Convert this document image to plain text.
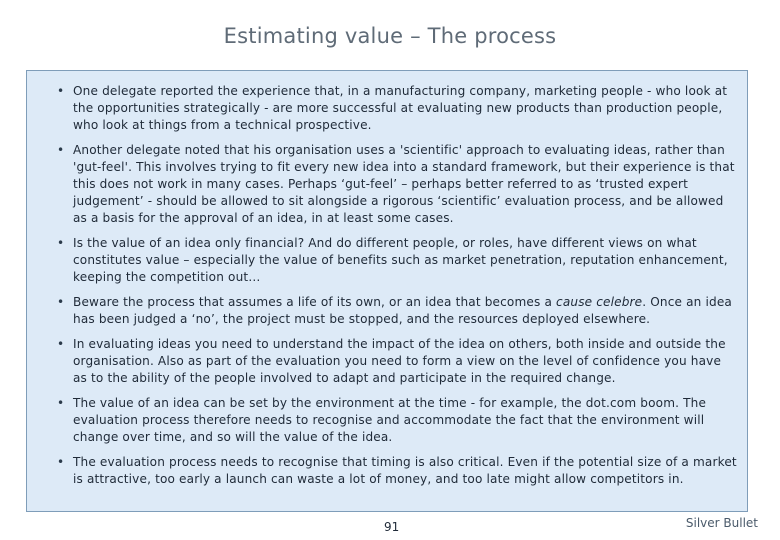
Estimating value – The process
• One delegate reported the experience that, in a manufacturing company, marketing people - who look at the opportunities strategically - are more successful at evaluating new products than production people, who look at things from a technical prospective.
• Another delegate noted that his organisation uses a 'scientific' approach to evaluating ideas, rather than 'gut-feel'. This involves trying to fit every new idea into a standard framework, but their experience is that this does not work in many cases. Perhaps ‘gut-feel’ – perhaps better referred to as ‘trusted expert judgement’ - should be allowed to sit alongside a rigorous ‘scientific’ evaluation process, and be allowed as a basis for the approval of an idea, in at least some cases.
• Is the value of an idea only financial? And do different people, or roles, have different views on what constitutes value – especially the value of benefits such as market penetration, reputation enhancement, keeping the competition out…
• Beware the process that assumes a life of its own, or an idea that becomes a cause celebre. Once an idea has been judged a ‘no’, the project must be stopped, and the resources deployed elsewhere.
• In evaluating ideas you need to understand the impact of the idea on others, both inside and outside the organisation. Also as part of the evaluation you need to form a view on the level of confidence you have as to the ability of the people involved to adapt and participate in the required change.
• The value of an idea can be set by the environment at the time - for example, the dot.com boom. The evaluation process therefore needs to recognise and accommodate the fact that the environment will change over time, and so will the value of the idea.
• The evaluation process needs to recognise that timing is also critical. Even if the potential size of a market is attractive, too early a launch can waste a lot of money, and too late might allow competitors in.
91	Silver Bullet
